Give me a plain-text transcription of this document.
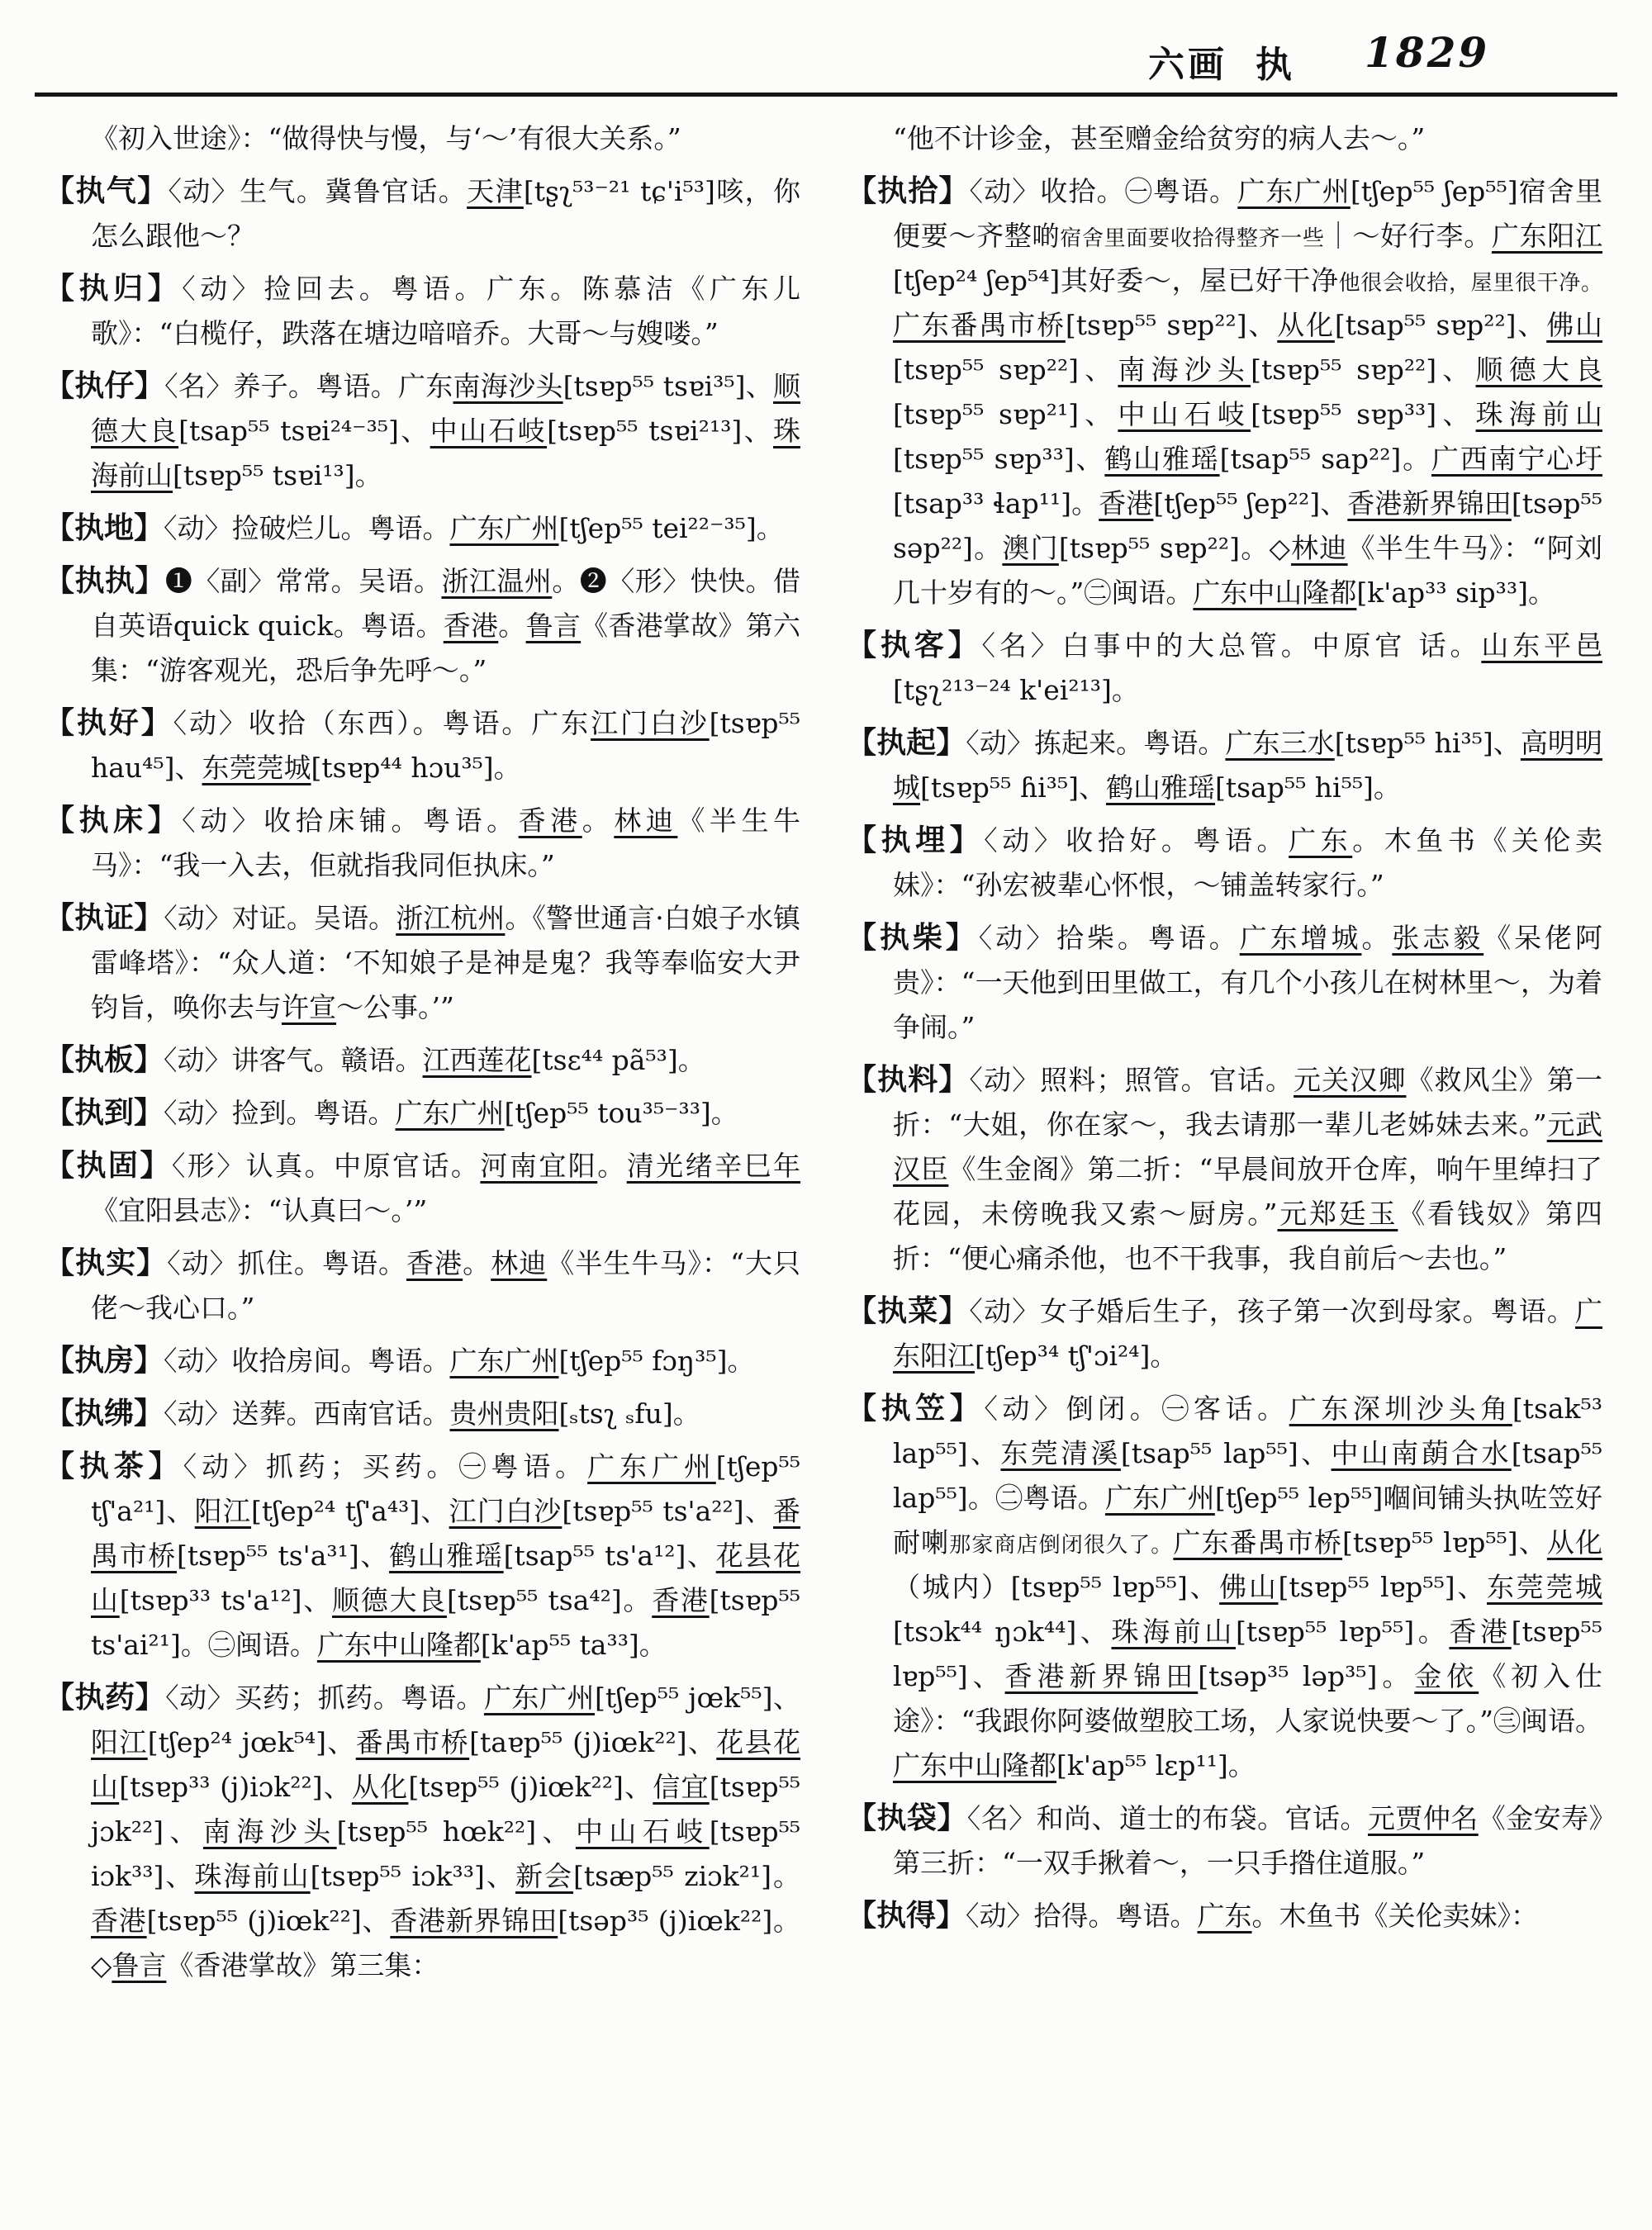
六画 执 1829

《初入世途》：“做得快与慢，与‘～’有很大关系。”

【执气】〈动〉生气。冀鲁官话。天津[tʂʅ⁵³⁻²¹ tɕ'i⁵³]咳，你怎么跟他～？

【执归】〈动〉捡回去。粤语。广东。陈慕洁《广东儿歌》：“白榄仔，跌落在塘边喑喑乔。大哥～与嫂喽。”

【执仔】〈名〉养子。粤语。广东南海沙头[tsɐp⁵⁵ tsɐi³⁵]、顺德大良[tsap⁵⁵ tsɐi²⁴⁻³⁵]、中山石岐[tsɐp⁵⁵ tsɐi²¹³]、珠海前山[tsɐp⁵⁵ tsɐi¹³]。

【执地】〈动〉捡破烂儿。粤语。广东广州[tʃep⁵⁵ tei²²⁻³⁵]。

【执执】❶〈副〉常常。吴语。浙江温州。❷〈形〉快快。借自英语quick quick。粤语。香港。鲁言《香港掌故》第六集：“游客观光，恐后争先呼～。”

【执好】〈动〉收拾（东西）。粤语。广东江门白沙[tsɐp⁵⁵ hau⁴⁵]、东莞莞城[tsɐp⁴⁴ hɔu³⁵]。

【执床】〈动〉收拾床铺。粤语。香港。林迪《半生牛马》：“我一入去，佢就指我同佢执床。”

【执证】〈动〉对证。吴语。浙江杭州。《警世通言·白娘子水镇雷峰塔》：“众人道：‘不知娘子是神是鬼？我等奉临安大尹钧旨，唤你去与许宣～公事。’”

【执板】〈动〉讲客气。赣语。江西莲花[tsɛ⁴⁴ pã⁵³]。

【执到】〈动〉捡到。粤语。广东广州[tʃep⁵⁵ tou³⁵⁻³³]。

【执固】〈形〉认真。中原官话。河南宜阳。清光绪辛巳年《宜阳县志》：“认真曰～。’”

【执实】〈动〉抓住。粤语。香港。林迪《半生牛马》：“大只佬～我心口。”

【执房】〈动〉收拾房间。粤语。广东广州[tʃep⁵⁵ fɔŋ³⁵]。

【执绋】〈动〉送葬。西南官话。贵州贵阳[ₛtsʅ ₛfu]。

【执茶】〈动〉抓药；买药。㊀粤语。广东广州[tʃep⁵⁵ tʃ'a²¹]、阳江[tʃep²⁴ tʃ'a⁴³]、江门白沙[tsɐp⁵⁵ ts'a²²]、番禺市桥[tsɐp⁵⁵ ts'a³¹]、鹤山雅瑶[tsap⁵⁵ ts'a¹²]、花县花山[tsɐp³³ ts'a¹²]、顺德大良[tsɐp⁵⁵ tsa⁴²]。香港[tsɐp⁵⁵ ts'ai²¹]。㊁闽语。广东中山隆都[k'ap⁵⁵ ta³³]。

【执药】〈动〉买药；抓药。粤语。广东广州[tʃep⁵⁵ jœk⁵⁵]、阳江[tʃep²⁴ jœk⁵⁴]、番禺市桥[taɐp⁵⁵ (j)iœk²²]、花县花山[tsɐp³³ (j)iɔk²²]、从化[tsɐp⁵⁵ (j)iœk²²]、信宜[tsɐp⁵⁵ jɔk²²]、南海沙头[tsɐp⁵⁵ hœk²²]、中山石岐[tsɐp⁵⁵ iɔk³³]、珠海前山[tsɐp⁵⁵ iɔk³³]、新会[tsæp⁵⁵ ziɔk²¹]。香港[tsɐp⁵⁵ (j)iœk²²]、香港新界锦田[tsəp³⁵ (j)iœk²²]。◇鲁言《香港掌故》第三集：

“他不计诊金，甚至赠金给贫穷的病人去～。”

【执拾】〈动〉收拾。㊀粤语。广东广州[tʃep⁵⁵ ʃep⁵⁵]宿舍里便要～齐整啲宿舍里面要收拾得整齐一些｜～好行李。广东阳江[tʃep²⁴ ʃep⁵⁴]其好委～，屋已好干净他很会收拾，屋里很干净。广东番禺市桥[tsɐp⁵⁵ sɐp²²]、从化[tsap⁵⁵ sɐp²²]、佛山[tsɐp⁵⁵ sɐp²²]、南海沙头[tsɐp⁵⁵ sɐp²²]、顺德大良[tsɐp⁵⁵ sɐp²¹]、中山石岐[tsɐp⁵⁵ sɐp³³]、珠海前山[tsɐp⁵⁵ sɐp³³]、鹤山雅瑶[tsap⁵⁵ sap²²]。广西南宁心圩[tsap³³ ɬap¹¹]。香港[tʃep⁵⁵ ʃep²²]、香港新界锦田[tsəp⁵⁵ səp²²]。澳门[tsɐp⁵⁵ sɐp²²]。◇林迪《半生牛马》：“阿刘几十岁有的～。”㊁闽语。广东中山隆都[k'ap³³ sip³³]。

【执客】〈名〉白事中的大总管。中原官 话。山东平邑[tʂʅ²¹³⁻²⁴ k'ei²¹³]。

【执起】〈动〉拣起来。粤语。广东三水[tsɐp⁵⁵ hi³⁵]、高明明城[tsɐp⁵⁵ ɦi³⁵]、鹤山雅瑶[tsap⁵⁵ hi⁵⁵]。

【执埋】〈动〉收拾好。粤语。广东。木鱼书《关伦卖妹》：“孙宏被辈心怀恨，～铺盖转家行。”

【执柴】〈动〉拾柴。粤语。广东增城。张志毅《呆佬阿贵》：“一天他到田里做工，有几个小孩儿在树林里～，为着争闹。”

【执料】〈动〉照料；照管。官话。元关汉卿《救风尘》第一折：“大姐，你在家～，我去请那一辈儿老姊妹去来。”元武汉臣《生金阁》第二折：“早晨间放开仓库，响午里绰扫了花园，未傍晚我又索～厨房。”元郑廷玉《看钱奴》第四折：“便心痛杀他，也不干我事，我自前后～去也。”

【执菜】〈动〉女子婚后生子，孩子第一次到母家。粤语。广东阳江[tʃep³⁴ tʃ'ɔi²⁴]。

【执笠】〈动〉倒闭。㊀客话。广东深圳沙头角[tsak⁵³ lap⁵⁵]、东莞清溪[tsap⁵⁵ lap⁵⁵]、中山南蓢合水[tsap⁵⁵ lap⁵⁵]。㊁粤语。广东广州[tʃep⁵⁵ lep⁵⁵]嗰间铺头执咗笠好耐喇那家商店倒闭很久了。广东番禺市桥[tsɐp⁵⁵ lɐp⁵⁵]、从化（城内）[tsɐp⁵⁵ lɐp⁵⁵]、佛山[tsɐp⁵⁵ lɐp⁵⁵]、东莞莞城[tsɔk⁴⁴ ŋɔk⁴⁴]、珠海前山[tsɐp⁵⁵ lɐp⁵⁵]。香港[tsɐp⁵⁵ lɐp⁵⁵]、香港新界锦田[tsəp³⁵ ləp³⁵]。金依《初入仕途》：“我跟你阿婆做塑胶工场，人家说快要～了。”㊂闽语。广东中山隆都[k'ap⁵⁵ lɛp¹¹]。

【执袋】〈名〉和尚、道士的布袋。官话。元贾仲名《金安寿》第三折：“一双手揪着～，一只手揝住道服。”

【执得】〈动〉拾得。粤语。广东。木鱼书《关伦卖妹》：
